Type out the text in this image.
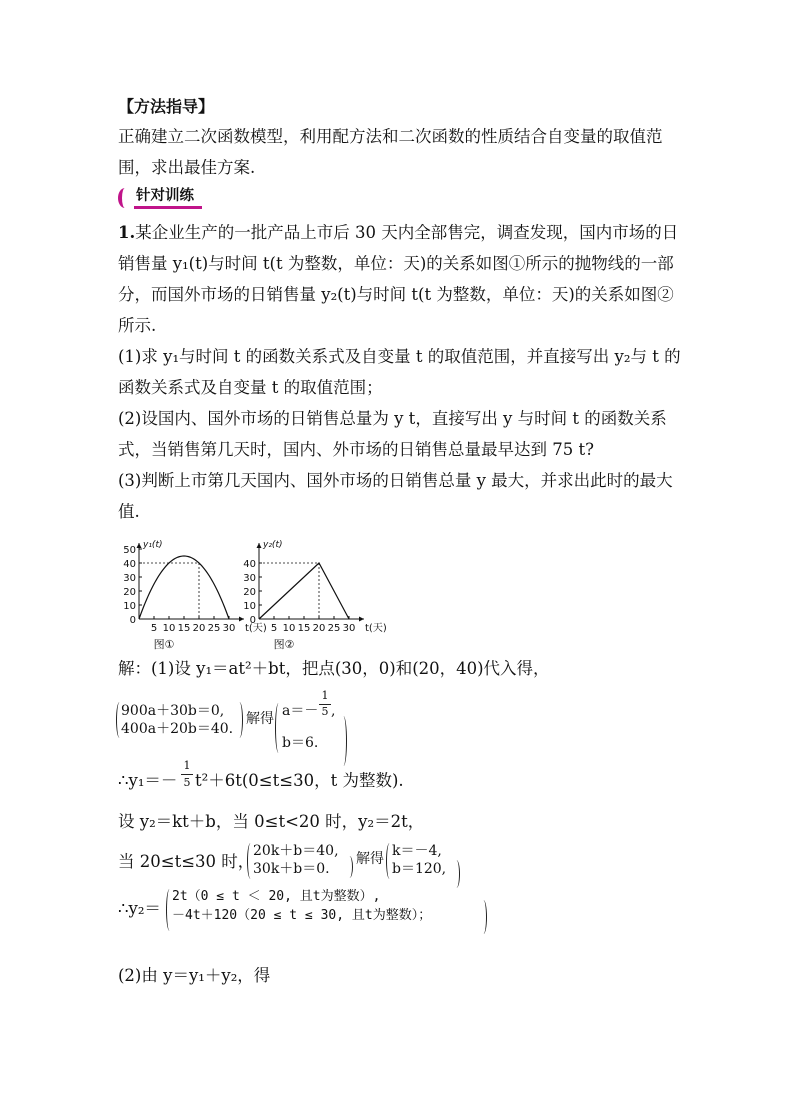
【方法指导】
正确建立二次函数模型，利用配方法和二次函数的性质结合自变量的取值范
围，求出最佳方案.
针对训练
1.某企业生产的一批产品上市后 30 天内全部售完，调查发现，国内市场的日
销售量 y₁(t)与时间 t(t 为整数，单位：天)的关系如图①所示的抛物线的一部
分，而国外市场的日销售量 y₂(t)与时间 t(t 为整数，单位：天)的关系如图②
所示.
(1)求 y₁与时间 t 的函数关系式及自变量 t 的取值范围，并直接写出 y₂与 t 的
函数关系式及自变量 t 的取值范围；
(2)设国内、国外市场的日销售总量为 y t，直接写出 y 与时间 t 的函数关系
式，当销售第几天时，国内、外市场的日销售总量最早达到 75 t?
(3)判断上市第几天国内、国外市场的日销售总量 y 最大，并求出此时的最大
值.
0
10
20
30
40
50
5 10 15 20 25 30 t(天)
y₁(t)
图①
0
10
20
30
40
5 10 15 20 25 30 t(天)
y₂(t)
图②
解：(1)设 y₁＝at²＋bt，把点(30，0)和(20，40)代入得，
900a＋30b＝0,
400a＋20b＝40.
解得 a＝－
1
5 ,
b＝6.
∴y₁＝－
1
5 t²＋6t(0≤t≤30，t 为整数).
设 y₂＝kt＋b，当 0≤t<20 时，y₂＝2t，
当 20≤t≤30 时，
20k＋b＝40,
30k＋b＝0.
解得 k＝－4,
b＝120,
∴y₂＝
2t（0 ≤ t ＜ 20, 且t为整数）,
－4t＋120（20 ≤ t ≤ 30, 且t为整数）；
(2)由 y＝y₁＋y₂，得
